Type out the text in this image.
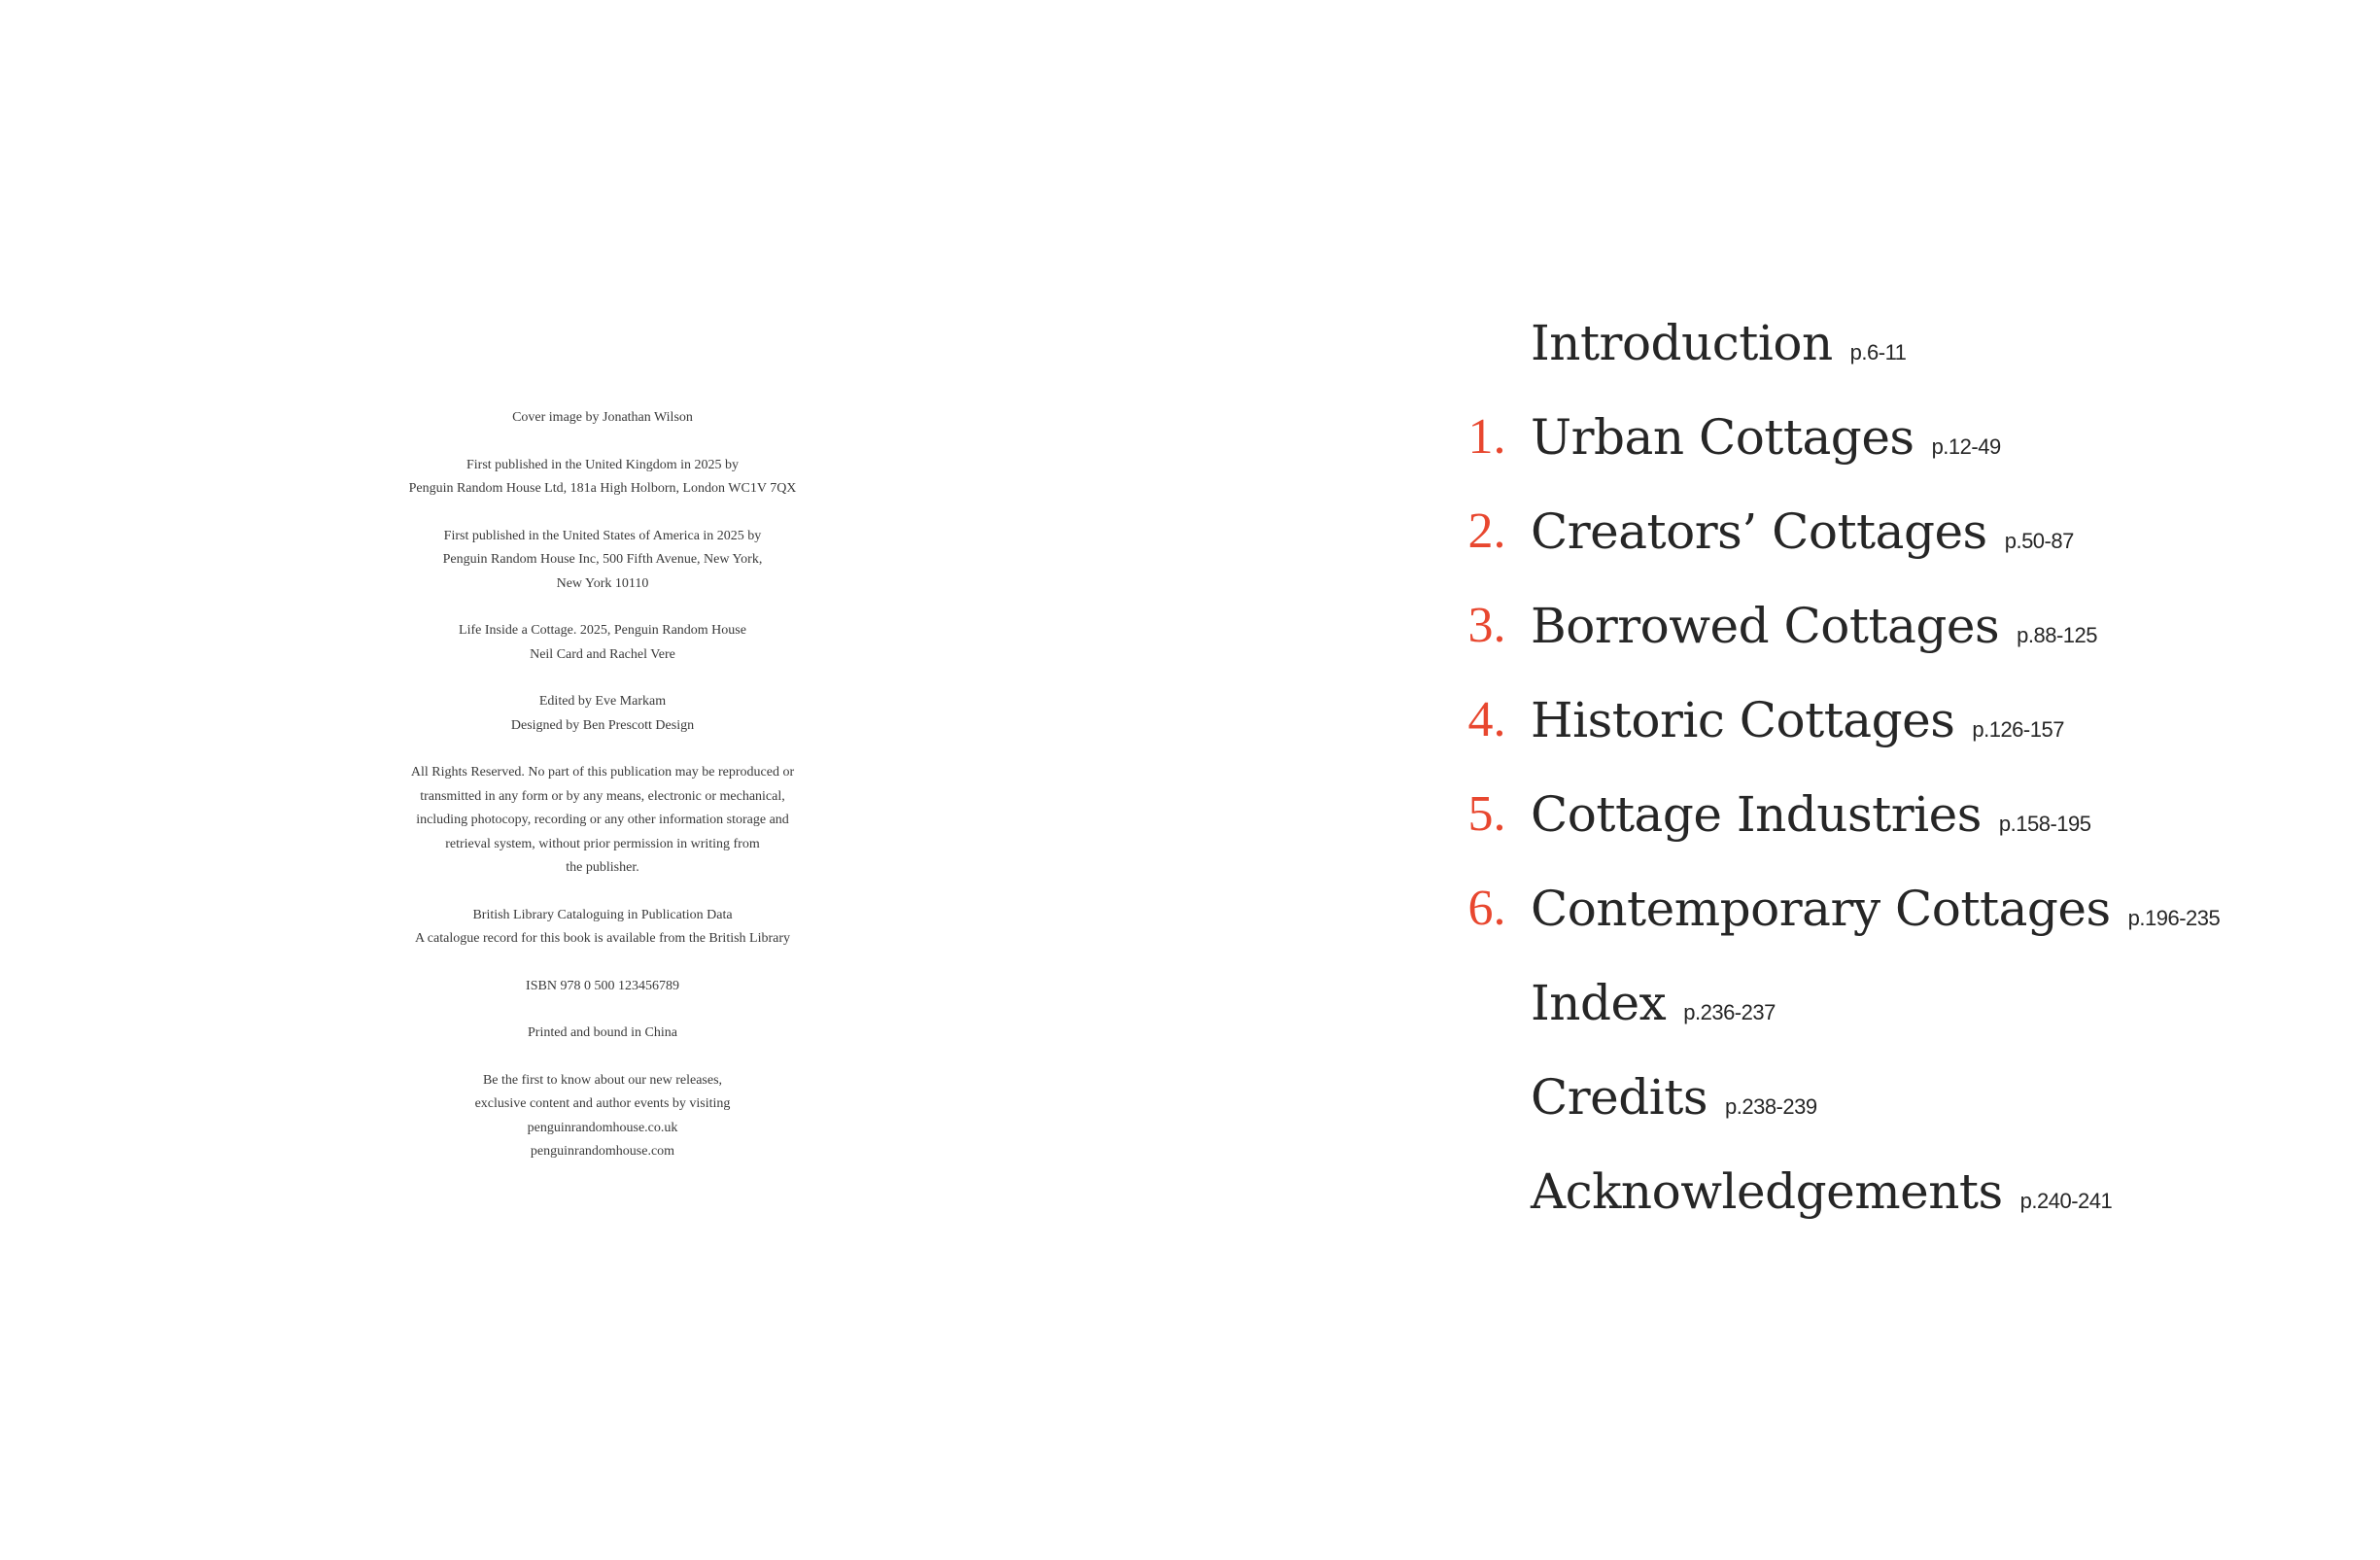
Cover image by Jonathan Wilson

First published in the United Kingdom in 2025 by
Penguin Random House Ltd, 181a High Holborn, London WC1V 7QX

First published in the United States of America in 2025 by
Penguin Random House Inc, 500 Fifth Avenue, New York,
New York 10110

Life Inside a Cottage. 2025, Penguin Random House
Neil Card and Rachel Vere

Edited by Eve Markam
Designed by Ben Prescott Design

All Rights Reserved. No part of this publication may be reproduced or
transmitted in any form or by any means, electronic or mechanical,
including photocopy, recording or any other information storage and
retrieval system, without prior permission in writing from
the publisher.

British Library Cataloguing in Publication Data
A catalogue record for this book is available from the British Library

ISBN 978 0 500 123456789

Printed and bound in China

Be the first to know about our new releases,
exclusive content and author events by visiting
penguinrandomhouse.co.uk
penguinrandomhouse.com

Introduction p.6-11
1. Urban Cottages p.12-49
2. Creators’ Cottages p.50-87
3. Borrowed Cottages p.88-125
4. Historic Cottages p.126-157
5. Cottage Industries p.158-195
6. Contemporary Cottages p.196-235
Index p.236-237
Credits p.238-239
Acknowledgements p.240-241
